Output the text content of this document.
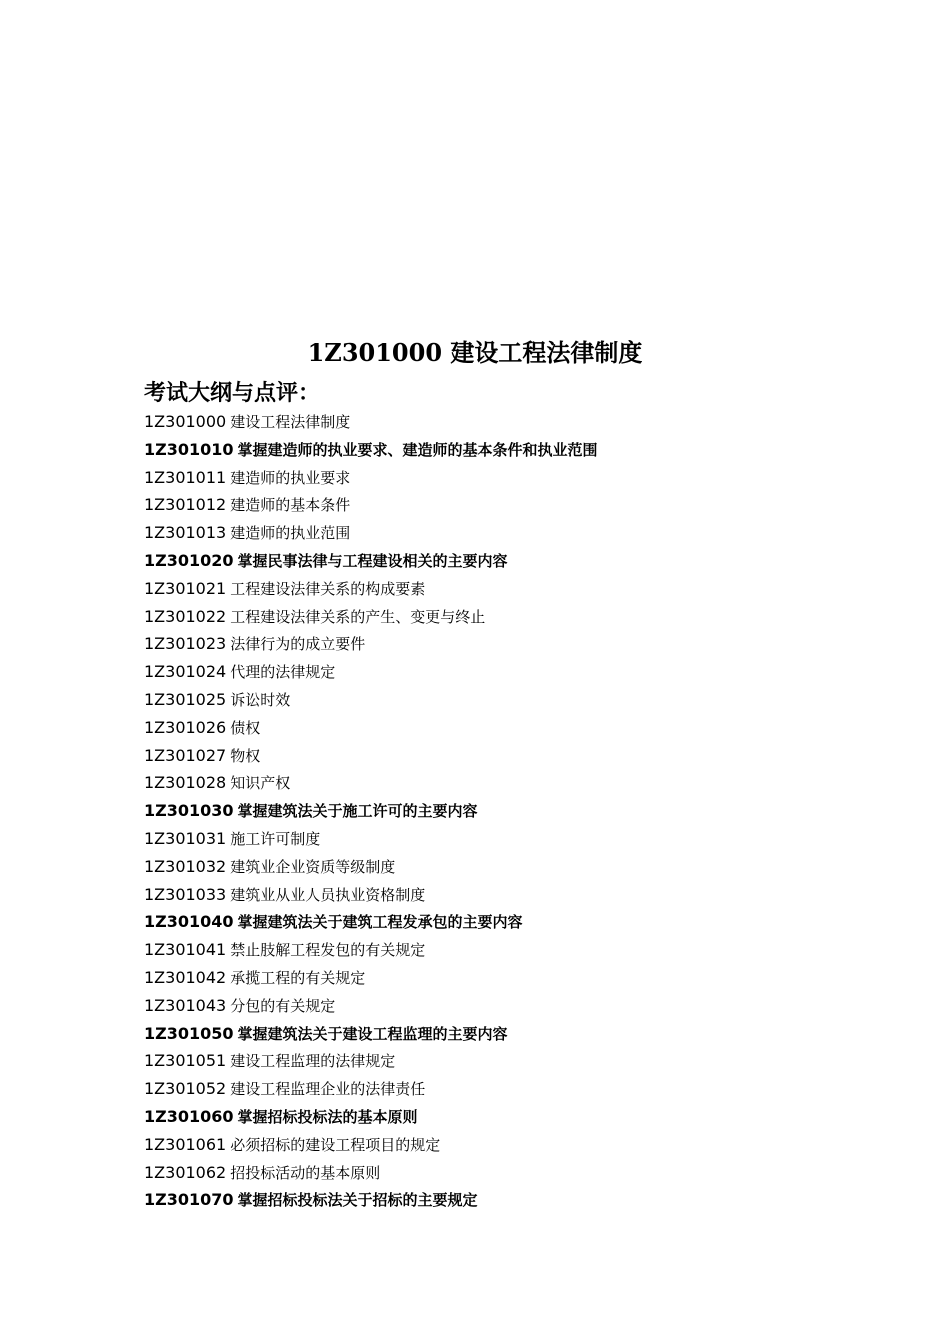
1Z301000 建设工程法律制度
考试大纲与点评：
1Z301000 建设工程法律制度
1Z301010 掌握建造师的执业要求、建造师的基本条件和执业范围
1Z301011 建造师的执业要求
1Z301012 建造师的基本条件
1Z301013 建造师的执业范围
1Z301020 掌握民事法律与工程建设相关的主要内容
1Z301021 工程建设法律关系的构成要素
1Z301022 工程建设法律关系的产生、变更与终止
1Z301023 法律行为的成立要件
1Z301024 代理的法律规定
1Z301025 诉讼时效
1Z301026 债权
1Z301027 物权
1Z301028 知识产权
1Z301030 掌握建筑法关于施工许可的主要内容
1Z301031 施工许可制度
1Z301032 建筑业企业资质等级制度
1Z301033 建筑业从业人员执业资格制度
1Z301040 掌握建筑法关于建筑工程发承包的主要内容
1Z301041 禁止肢解工程发包的有关规定
1Z301042 承揽工程的有关规定
1Z301043 分包的有关规定
1Z301050 掌握建筑法关于建设工程监理的主要内容
1Z301051 建设工程监理的法律规定
1Z301052 建设工程监理企业的法律责任
1Z301060 掌握招标投标法的基本原则
1Z301061 必须招标的建设工程项目的规定
1Z301062 招投标活动的基本原则
1Z301070 掌握招标投标法关于招标的主要规定
